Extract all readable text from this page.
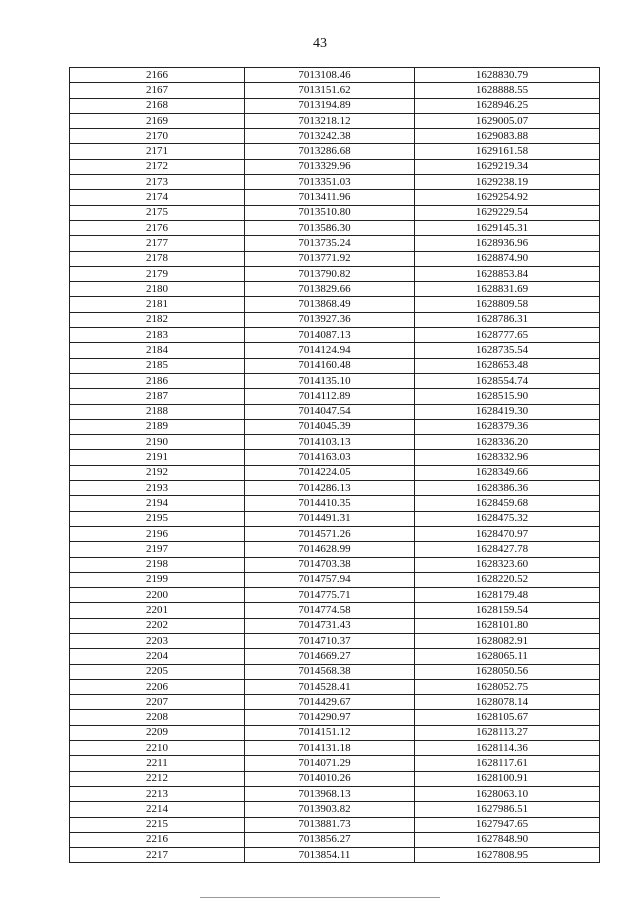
43
2166	7013108.46	1628830.79
2167	7013151.62	1628888.55
2168	7013194.89	1628946.25
2169	7013218.12	1629005.07
2170	7013242.38	1629083.88
2171	7013286.68	1629161.58
2172	7013329.96	1629219.34
2173	7013351.03	1629238.19
2174	7013411.96	1629254.92
2175	7013510.80	1629229.54
2176	7013586.30	1629145.31
2177	7013735.24	1628936.96
2178	7013771.92	1628874.90
2179	7013790.82	1628853.84
2180	7013829.66	1628831.69
2181	7013868.49	1628809.58
2182	7013927.36	1628786.31
2183	7014087.13	1628777.65
2184	7014124.94	1628735.54
2185	7014160.48	1628653.48
2186	7014135.10	1628554.74
2187	7014112.89	1628515.90
2188	7014047.54	1628419.30
2189	7014045.39	1628379.36
2190	7014103.13	1628336.20
2191	7014163.03	1628332.96
2192	7014224.05	1628349.66
2193	7014286.13	1628386.36
2194	7014410.35	1628459.68
2195	7014491.31	1628475.32
2196	7014571.26	1628470.97
2197	7014628.99	1628427.78
2198	7014703.38	1628323.60
2199	7014757.94	1628220.52
2200	7014775.71	1628179.48
2201	7014774.58	1628159.54
2202	7014731.43	1628101.80
2203	7014710.37	1628082.91
2204	7014669.27	1628065.11
2205	7014568.38	1628050.56
2206	7014528.41	1628052.75
2207	7014429.67	1628078.14
2208	7014290.97	1628105.67
2209	7014151.12	1628113.27
2210	7014131.18	1628114.36
2211	7014071.29	1628117.61
2212	7014010.26	1628100.91
2213	7013968.13	1628063.10
2214	7013903.82	1627986.51
2215	7013881.73	1627947.65
2216	7013856.27	1627848.90
2217	7013854.11	1627808.95
